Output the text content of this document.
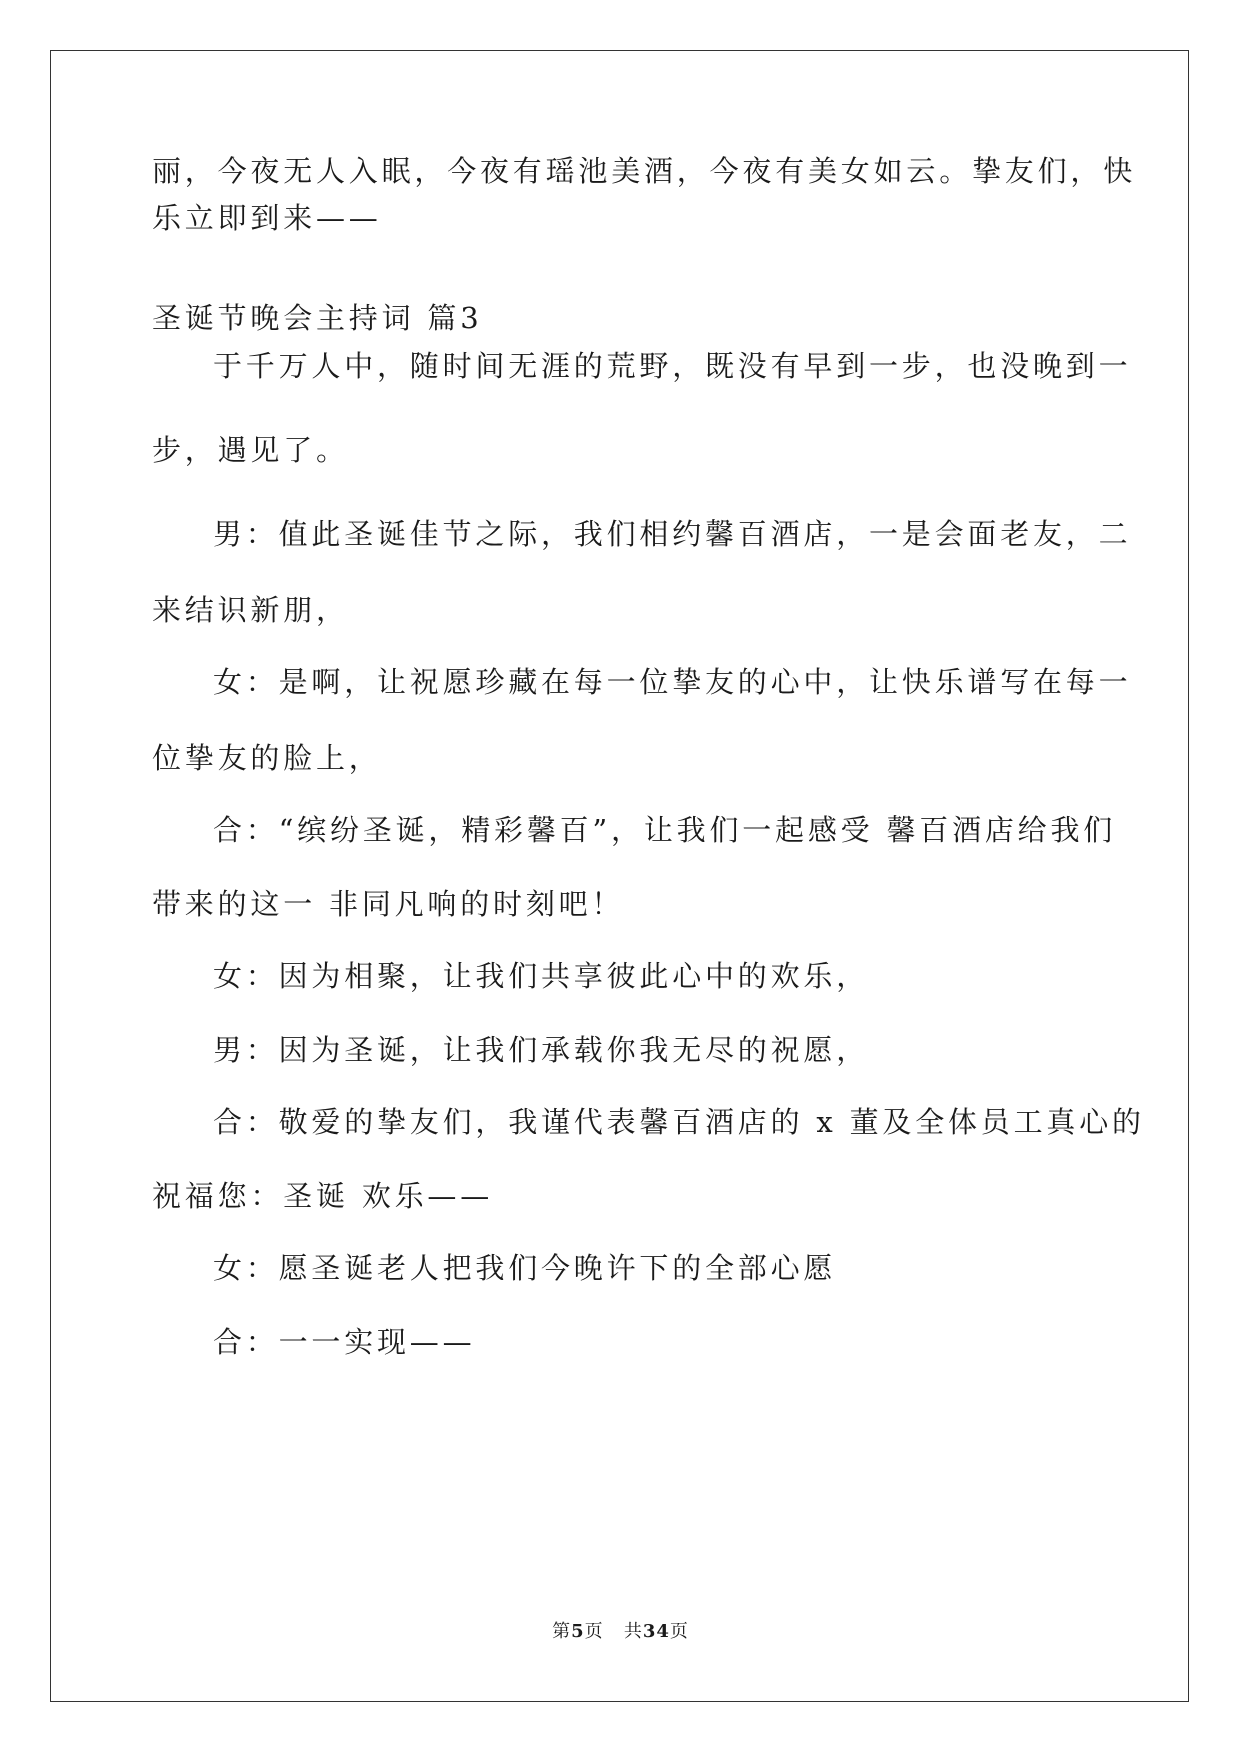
丽，今夜无人入眠，今夜有瑶池美酒，今夜有美女如云。挚友们，快
乐立即到来——
圣诞节晚会主持词 篇3
于千万人中，随时间无涯的荒野，既没有早到一步，也没晚到一
步，遇见了。
男：值此圣诞佳节之际，我们相约馨百酒店，一是会面老友，二
来结识新朋，
女：是啊，让祝愿珍藏在每一位挚友的心中，让快乐谱写在每一
位挚友的脸上，
合：“缤纷圣诞，精彩馨百”，让我们一起感受 馨百酒店给我们
带来的这一 非同凡响的时刻吧！
女：因为相聚，让我们共享彼此心中的欢乐，
男：因为圣诞，让我们承载你我无尽的祝愿，
合：敬爱的挚友们，我谨代表馨百酒店的 x 董及全体员工真心的
祝福您：圣诞 欢乐——
女：愿圣诞老人把我们今晚许下的全部心愿
合：一一实现——
第5页 共34页
